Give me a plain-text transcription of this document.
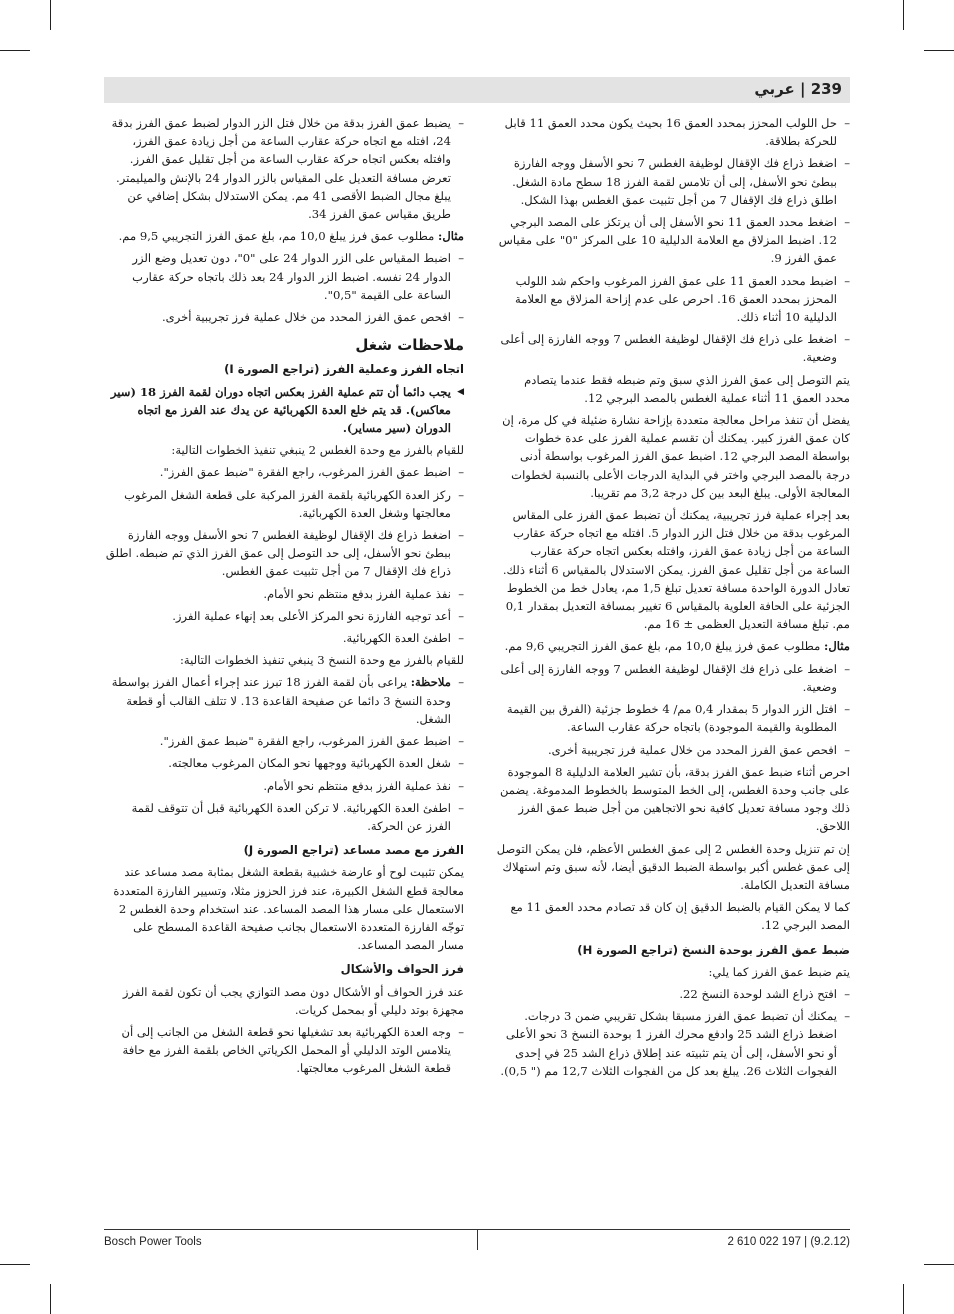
239 | عربي
– حل اللولب المحزز بمحدد العمق 16 بحيث يكون محدد العمق 11 قابل للحركة بطلاقة.
– اضغط ذراع فك الإقفال لوظيفة الغطس 7 نحو الأسفل ووجه الفارزة ببطئ نحو الأسفل، إلى أن تلامس لقمة الفرز 18 سطح مادة الشغل. اطلق ذراع فك الإقفال 7 من أجل تثبيت عمق الغطس بهذا الشكل.
– اضغط محدد العمق 11 نحو الأسفل إلى أن يرتكز على المصد البرجي 12. اضبط المزلاق مع العلامة الدليلية 10 على المركز "0" على مقياس عمق الفرز 9.
– اضبط محدد العمق 11 على عمق الفرز المرغوب واحكم شد اللولب المحزز بمحدد العمق 16. احرص على عدم إزاحة المزلاق مع العلامة الدليلية 10 أثناء ذلك.
– اضغط على ذراع فك الإقفال لوظيفة الغطس 7 ووجه الفارزة إلى أعلى وضعية.

يتم التوصل إلى عمق الفرز الذي سبق وتم ضبطه فقط عندما يتصادم محدد العمق 11 أثناء عملية الغطس بالمصد البرجي 12.

يفضل أن تنفذ مراحل معالجة متعددة بإزاحة نشارة ضئيلة في كل مرة، إن كان عمق الفرز كبير. يمكنك أن تقسم عملية الفرز على عدة خطوات بواسطة المصد البرجي 12. اضبط عمق الفرز المرغوب بواسطة أدنى درجة بالمصد البرجي واختر في البداية الدرجات الأعلى بالنسبة لخطوات المعالجة الأولى. يبلغ البعد بين كل درجة 3,2 مم تقريبا.

بعد إجراء عملية فرز تجريبية، يمكنك أن تضبط عمق الفرز على المقاس المرغوب بدقة من خلال فتل الزر الدوار 5. افتله مع اتجاه حركة عقارب الساعة من أجل زيادة عمق الفرز، وافتله بعكس اتجاه حركة عقارب الساعة من أجل تقليل عمق الفرز. يمكن الاستدلال بالمقياس 6 أثناء ذلك. تعادل الدورة الواحدة مسافة تعديل تبلغ 1,5 مم، يعادل خط من الخطوط الجزئية على الحافة العلوية بالمقياس 6 تغيير بمسافة التعديل بمقدار 0,1 مم. تبلغ مسافة التعديل العظمى ± 16 مم.

مثال: مطلوب عمق فرز يبلغ 10,0 مم، بلغ عمق الفرز التجريبي 9,6 مم.

– اضغط على ذراع فك الإقفال لوظيفة الغطس 7 ووجه الفارزة إلى أعلى وضعية.
– افتل الزر الدوار 5 بمقدار 0,4 مم/ 4 خطوط جزئية (الفرق بين القيمة المطلوبة والقيمة الموجودة) باتجاه حركة عقارب الساعة.
– افحص عمق الفرز المحدد من خلال عملية فرز تجريبية أخرى.

احرص أثناء ضبط عمق الفرز بدقة، بأن تشير العلامة الدليلية 8 الموجودة على جانب وحدة الغطس، إلى الخط المتوسط بالخطوط المدموغة. يضمن ذلك وجود مسافة تعديل كافية نحو الاتجاهين من أجل ضبط عمق الفرز اللاحق.

إن تم تنزيل وحدة الغطس 2 إلى عمق الغطس الأعظم، فلن يمكن التوصل إلى عمق غطس أكبر بواسطة الضبط الدقيق أيضا، لأنه سبق وتم استهلاك مسافة التعديل الكاملة.

كما لا يمكن القيام بالضبط الدقيق إن كان قد تصادم محدد العمق 11 مع المصد البرجي 12.

ضبط عمق الفرز بوحدة النسخ (تراجع الصورة H)

يتم ضبط عمق الفرز كما يلي:

– افتح ذراع الشد لوحدة النسخ 22.
– يمكنك أن تضبط عمق الفرز مسبقا بشكل تقريبي ضمن 3 درجات. اضغط ذراع الشد 25 وادفع محرك الفرز 1 بوحدة النسخ 3 نحو الأعلى أو نحو الأسفل، إلى أن يتم تثبيته عند إطلاق ذراع الشد 25 في إحدى الفجوات الثلاث 26. يبلغ بعد كل من الفجوات الثلاث 12,7 مم (" 0,5).
– يضبط عمق الفرز بدقة من خلال فتل الزر الدوار لضبط عمق الفرز بدقة 24، افتله مع اتجاه حركة عقارب الساعة من أجل زيادة عمق الفرز، وافتله بعكس اتجاه حركة عقارب الساعة من أجل تقليل عمق الفرز. تعرض مسافة التعديل على المقياس بالزر الدوار 24 بالإنش والميليمتر. يبلغ مجال الضبط الأقصى 41 مم. يمكن الاستدلال بشكل إضافي عن طريق مقياس عمق الفرز 34.

مثال: مطلوب عمق فرز يبلغ 10,0 مم، بلغ عمق الفرز التجريبي 9,5 مم.

– اضبط المقياس على الزر الدوار 24 على "0"، دون تعديل وضع الزر الدوار 24 نفسه. اضبط الزر الدوار 24 بعد ذلك باتجاه حركة عقارب الساعة على القيمة "0,5".
– افحص عمق الفرز المحدد من خلال عملية فرز تجريبية أخرى.
ملاحظات شغل
اتجاه الفرز وعملية الفرز (تراجع الصورة I)
◀ يجب دائما أن تتم عملية الفرز بعكس اتجاه دوران لقمة الفرز 18 (سير معاكس). قد يتم خلع العدة الكهربائية عن يدك عند الفرز مع اتجاه الدوران (سير مساير).

للقيام بالفرز مع وحدة الغطس 2 ينبغي تنفيذ الخطوات التالية:

– اضبط عمق الفرز المرغوب، راجع الفقرة "ضبط عمق الفرز".
– ركز العدة الكهربائية بلقمة الفرز المركبة على قطعة الشغل المرغوب معالجتها وشغل العدة الكهربائية.
– اضغط ذراع فك الإقفال لوظيفة الغطس 7 نحو الأسفل ووجه الفارزة ببطئ نحو الأسفل، إلى حد التوصل إلى عمق الفرز الذي تم ضبطه. اطلق ذراع فك الإقفال 7 من أجل تثبيت عمق الغطس.
– نفذ عملية الفرز بدفع منتظم نحو الأمام.
– أعد توجيه الفارزة نحو المركز الأعلى بعد إنهاء عملية الفرز.
– اطفئ العدة الكهربائية.

للقيام بالفرز مع وحدة النسخ 3 ينبغي تنفيذ الخطوات التالية:

– ملاحظة: يراعى بأن لقمة الفرز 18 تبرز عند إجراء أعمال الفرز بواسطة وحدة النسخ 3 دائما عن صفيحة القاعدة 13. لا تتلف القالب أو قطعة الشغل.
– اضبط عمق الفرز المرغوب، راجع الفقرة "ضبط عمق الفرز".
– شغل العدة الكهربائية ووجهها نحو المكان المرغوب معالجته.
– نفذ عملية الفرز بدفع منتظم نحو الأمام.
– اطفئ العدة الكهربائية. لا تركن العدة الكهربائية قبل أن تتوقف لقمة الفرز عن الحركة.
الفرز مع مصد مساعد (تراجع الصورة J)

يمكن تثبيت لوح أو عارضة خشبية بقطعة الشغل بمثابة مصد مساعد عند معالجة قطع الشغل الكبيرة، عند فرز الحزوز مثلا، وتسيير الفارزة المتعددة الاستعمال على مسار هذا المصد المساعد. عند استخدام وحدة الغطس 2 توجّه الفارزة المتعددة الاستعمال بجانب صفيحة القاعدة المسطح على مسار المصد المساعد.

فرز الحواف والأشكال

عند فرز الحواف أو الأشكال دون مصد التوازي يجب أن تكون لقمة الفرز مجهزة بوتد دليلي أو بمحمل كريات.

– وجه العدة الكهربائية بعد تشغيلها نحو قطعة الشغل من الجانب إلى أن يتلامس الوتد الدليلي أو المحمل الكرياتي الخاص بلقمة الفرز مع حافة قطعة الشغل المرغوب معالجتها.
Bosch Power Tools	2 610 022 197 | (9.2.12)
